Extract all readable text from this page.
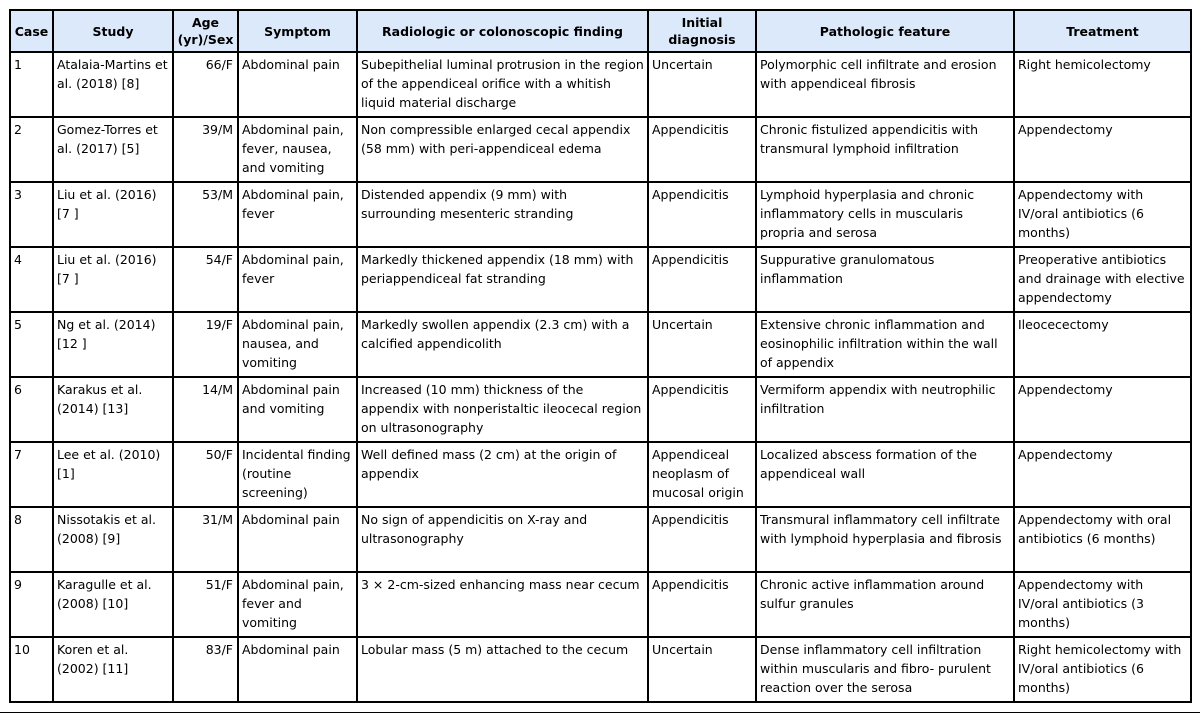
Case	Study	Age (yr)/Sex	Symptom	Radiologic or colonoscopic finding	Initial diagnosis	Pathologic feature	Treatment
1	Atalaia-Martins et al. (2018) [8]	66/F	Abdominal pain	Subepithelial luminal protrusion in the region of the appendiceal orifice with a whitish liquid material discharge	Uncertain	Polymorphic cell infiltrate and erosion with appendiceal fibrosis	Right hemicolectomy
2	Gomez-Torres et al. (2017) [5]	39/M	Abdominal pain, fever, nausea, and vomiting	Non compressible enlarged cecal appendix (58 mm) with peri-appendiceal edema	Appendicitis	Chronic fistulized appendicitis with transmural lymphoid infiltration	Appendectomy
3	Liu et al. (2016) [7 ]	53/M	Abdominal pain, fever	Distended appendix (9 mm) with surrounding mesenteric stranding	Appendicitis	Lymphoid hyperplasia and chronic inflammatory cells in muscularis propria and serosa	Appendectomy with IV/oral antibiotics (6 months)
4	Liu et al. (2016) [7 ]	54/F	Abdominal pain, fever	Markedly thickened appendix (18 mm) with periappendiceal fat stranding	Appendicitis	Suppurative granulomatous inflammation	Preoperative antibiotics and drainage with elective appendectomy
5	Ng et al. (2014) [12 ]	19/F	Abdominal pain, nausea, and vomiting	Markedly swollen appendix (2.3 cm) with a calcified appendicolith	Uncertain	Extensive chronic inflammation and eosinophilic infiltration within the wall of appendix	Ileocecectomy
6	Karakus et al. (2014) [13]	14/M	Abdominal pain and vomiting	Increased (10 mm) thickness of the appendix with nonperistaltic ileocecal region on ultrasonography	Appendicitis	Vermiform appendix with neutrophilic infiltration	Appendectomy
7	Lee et al. (2010) [1]	50/F	Incidental finding (routine screening)	Well defined mass (2 cm) at the origin of appendix	Appendiceal neoplasm of mucosal origin	Localized abscess formation of the appendiceal wall	Appendectomy
8	Nissotakis et al. (2008) [9]	31/M	Abdominal pain	No sign of appendicitis on X-ray and ultrasonography	Appendicitis	Transmural inflammatory cell infiltrate with lymphoid hyperplasia and fibrosis	Appendectomy with oral antibiotics (6 months)
9	Karagulle et al. (2008) [10]	51/F	Abdominal pain, fever and vomiting	3 × 2-cm-sized enhancing mass near cecum	Appendicitis	Chronic active inflammation around sulfur granules	Appendectomy with IV/oral antibiotics (3 months)
10	Koren et al. (2002) [11]	83/F	Abdominal pain	Lobular mass (5 m) attached to the cecum	Uncertain	Dense inflammatory cell infiltration within muscularis and fibro- purulent reaction over the serosa	Right hemicolectomy with IV/oral antibiotics (6 months)
